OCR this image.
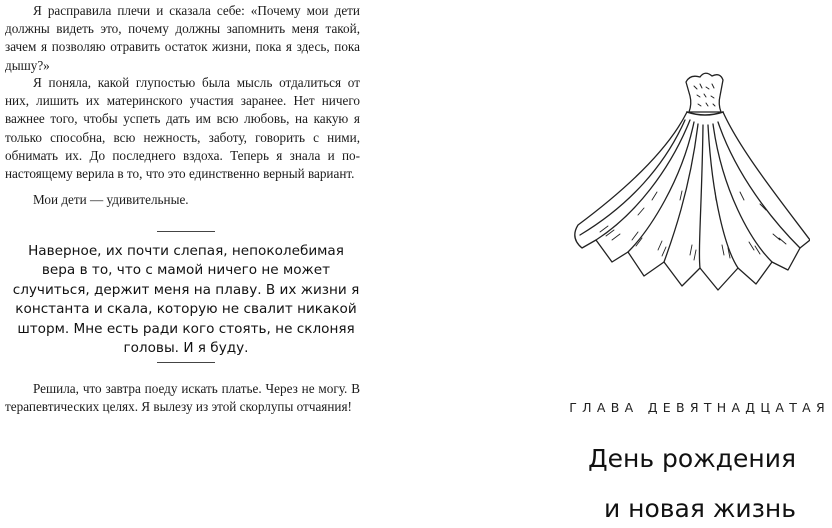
Я расправила плечи и сказала себе: «Почему мои дети должны видеть это, почему должны запомнить меня такой, зачем я позволяю отравить остаток жизни, пока я здесь, пока дышу?»

Я поняла, какой глупостью была мысль отдалиться от них, лишить их материнского участия заранее. Нет ничего важнее того, чтобы успеть дать им всю любовь, на какую я только способна, всю нежность, заботу, говорить с ними, обнимать их. До последнего вздоха. Теперь я знала и по-настоящему верила в то, что это единственно верный вариант.

Мои дети — удивительные.

Наверное, их почти слепая, непоколебимая вера в то, что с мамой ничего не может случиться, держит меня на плаву. В их жизни я константа и скала, которую не свалит никакой шторм. Мне есть ради кого стоять, не склоняя головы. И я буду.

Решила, что завтра поеду искать платье. Через не могу. В терапевтических целях. Я вылезу из этой скорлупы отчаяния!	ГЛАВА ДЕВЯТНАДЦАТАЯ
День рождения
и новая жизнь
